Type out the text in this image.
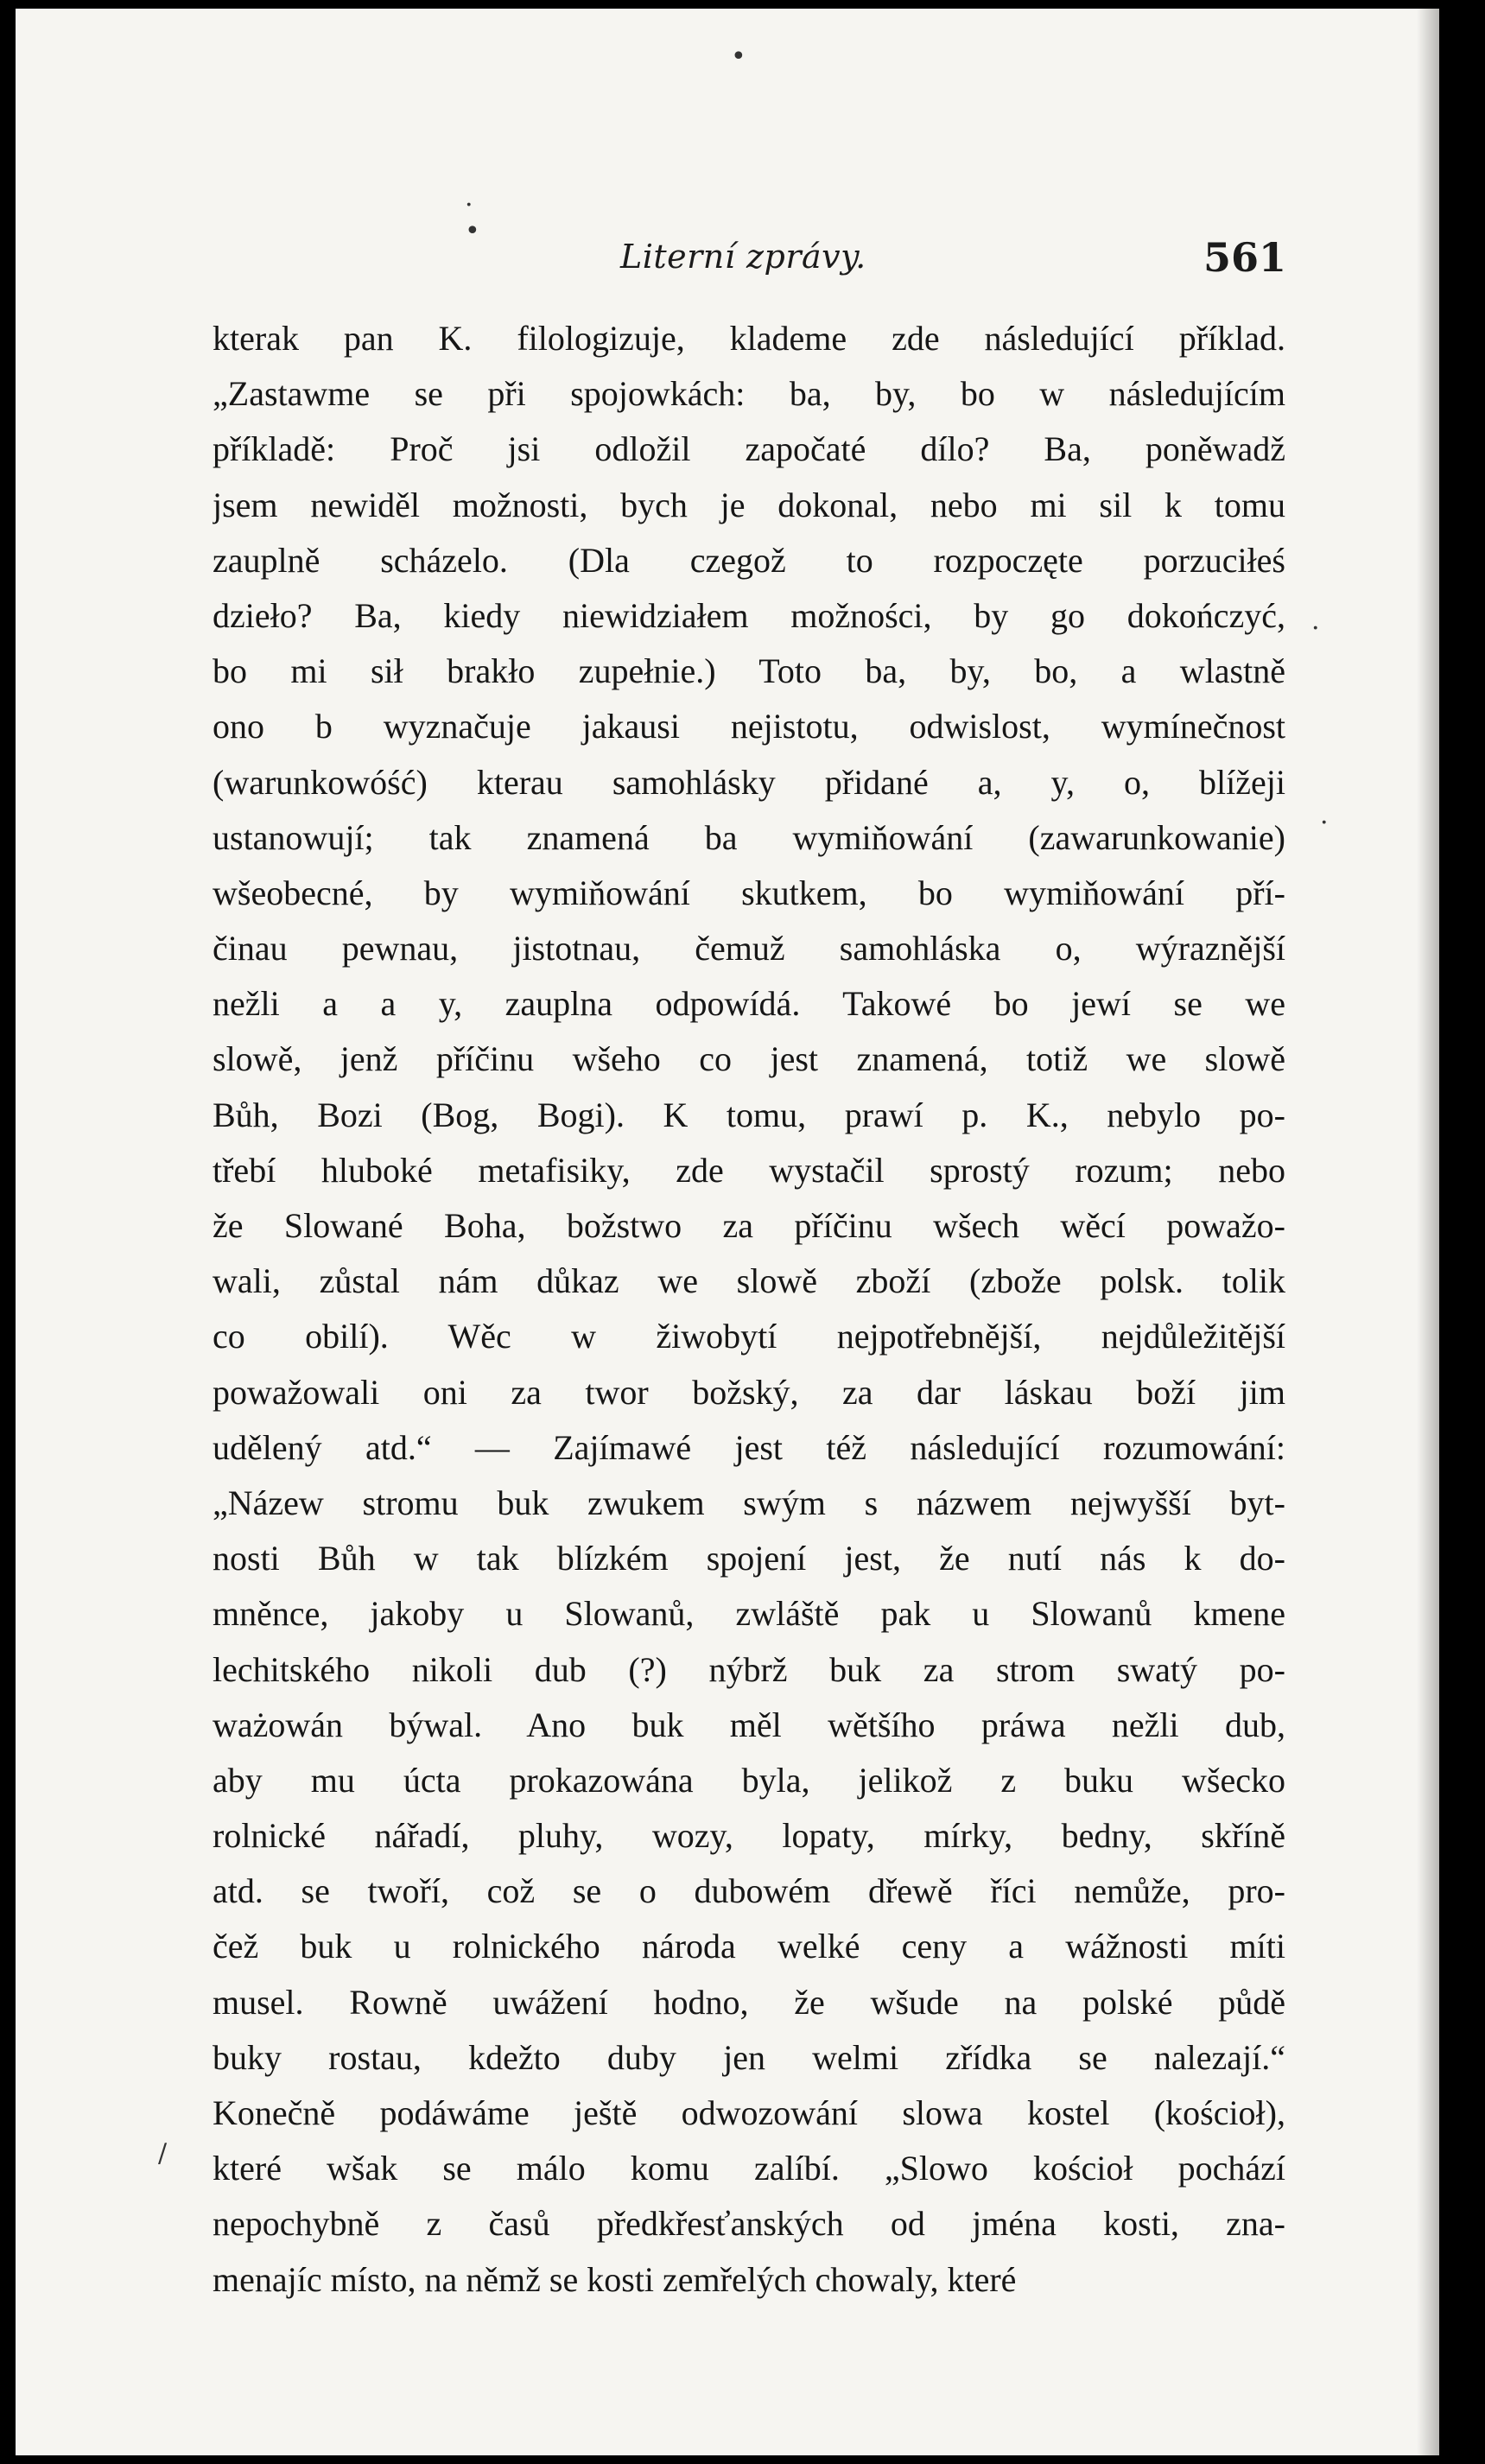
•
•
·
·
·
/
Literní zprávy.	561
kterak pan K. filologizuje, klademe zde následující příklad.
„Zastawme se při spojowkách: ba, by, bo w následujícím
příkladě: Proč jsi odložil započaté dílo? Ba, poněwadž
jsem newiděl možnosti, bych je dokonal, nebo mi sil k tomu
zauplně scházelo. (Dla czegož to rozpoczęte porzuciłeś
dzieło? Ba, kiedy niewidziałem možności, by go dokończyć,
bo mi sił brakło zupełnie.) Toto ba, by, bo, a wlastně
ono b wyznačuje jakausi nejistotu, odwislost, wymínečnost
(warunkowóść) kterau samohlásky přidané a, y, o, blížeji
ustanowují; tak znamená ba wymiňowání (zawarunkowanie)
wšeobecné, by wymiňowání skutkem, bo wymiňowání pří-
činau pewnau, jistotnau, čemuž samohláska o, wýraznější
nežli a a y, zauplna odpowídá. Takowé bo jewí se we
slowě, jenž příčinu wšeho co jest znamená, totiž we slowě
Bůh, Bozi (Bog, Bogi). K tomu, prawí p. K., nebylo po-
třebí hluboké metafisiky, zde wystačil sprostý rozum; nebo
že Slowané Boha, božstwo za příčinu wšech wěcí powažo-
wali, zůstal nám důkaz we slowě zboží (zbože polsk. tolik
co obilí). Wěc w žiwobytí nejpotřebnější, nejdůležitější
powažowali oni za twor božský, za dar láskau boží jim
udělený atd.“ — Zajímawé jest též následující rozumowání:
„Názew stromu buk zwukem swým s názwem nejwyšší byt-
nosti Bůh w tak blízkém spojení jest, že nutí nás k do-
mněnce, jakoby u Slowanů, zwláště pak u Slowanů kmene
lechitského nikoli dub (?) nýbrž buk za strom swatý po-
ważowán býwal. Ano buk měl wětšího práwa nežli dub,
aby mu úcta prokazowána byla, jelikož z buku wšecko
rolnické nářadí, pluhy, wozy, lopaty, mírky, bedny, skříně
atd. se twoří, což se o dubowém dřewě říci nemůže, pro-
čež buk u rolnického národa welké ceny a wážnosti míti
musel. Rowně uwážení hodno, že wšude na polské půdě
buky rostau, kdežto duby jen welmi zřídka se nalezají.“
Konečně podáwáme ještě odwozowání slowa kostel (kościoł),
které wšak se málo komu zalíbí. „Slowo kościoł pochází
nepochybně z časů předkřesťanských od jména kosti, zna-
menajíc místo, na němž se kosti zemřelých chowaly, které
